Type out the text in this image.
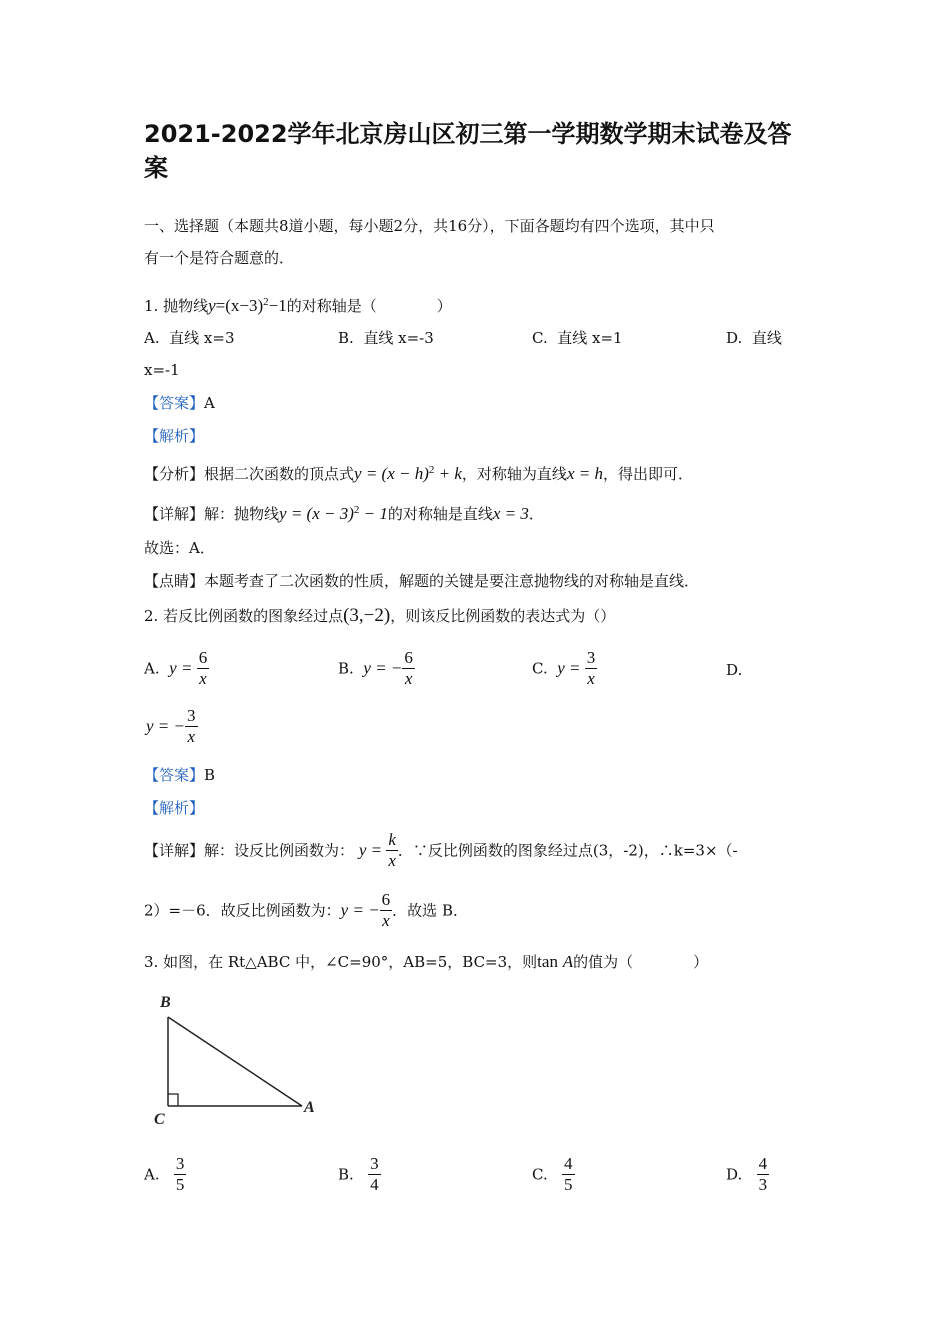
2021-2022学年北京房山区初三第一学期数学期末试卷及答
案
一、选择题（本题共8道小题，每小题2分，共16分），下面各题均有四个选项，其中只
有一个是符合题意的．
1. 抛物线$y=(x-3)^2-1$的对称轴是（　　　　）
A. 直线 x=3	B. 直线 x=-3	C. 直线 x=1	D. 直线
x=-1
【答案】A
【解析】
【分析】根据二次函数的顶点式$y = (x - h)^2 + k$，对称轴为直线x = h，得出即可．
【详解】解：抛物线$y = (x - 3)^2 - 1$的对称轴是直线x = 3．
故选：A．
【点睛】本题考查了二次函数的性质，解题的关键是要注意抛物线的对称轴是直线．
2. 若反比例函数的图象经过点(3,−2)，则该反比例函数的表达式为（）
A. $y = \frac{6}{x}$	B. y = − $\frac{6}{x}$	C. $y = \frac{3}{x}$	D.
y = − $\frac{3}{x}$
【答案】B
【解析】
【详解】解：设反比例函数为： $y = \frac{k}{x}$ ．∵反比例函数的图象经过点(3，-2)，∴k=3×（-
2）=－6．故反比例函数为：y = − $\frac{6}{x}$ ．故选 B．
3. 如图，在 Rt△ABC 中，∠C=90°，AB=5，BC=3，则tan A的值为（　　　　）
B
C
A
A. $\frac{3}{5}$	B. $\frac{3}{4}$	C. $\frac{4}{5}$	D. $\frac{4}{3}$
